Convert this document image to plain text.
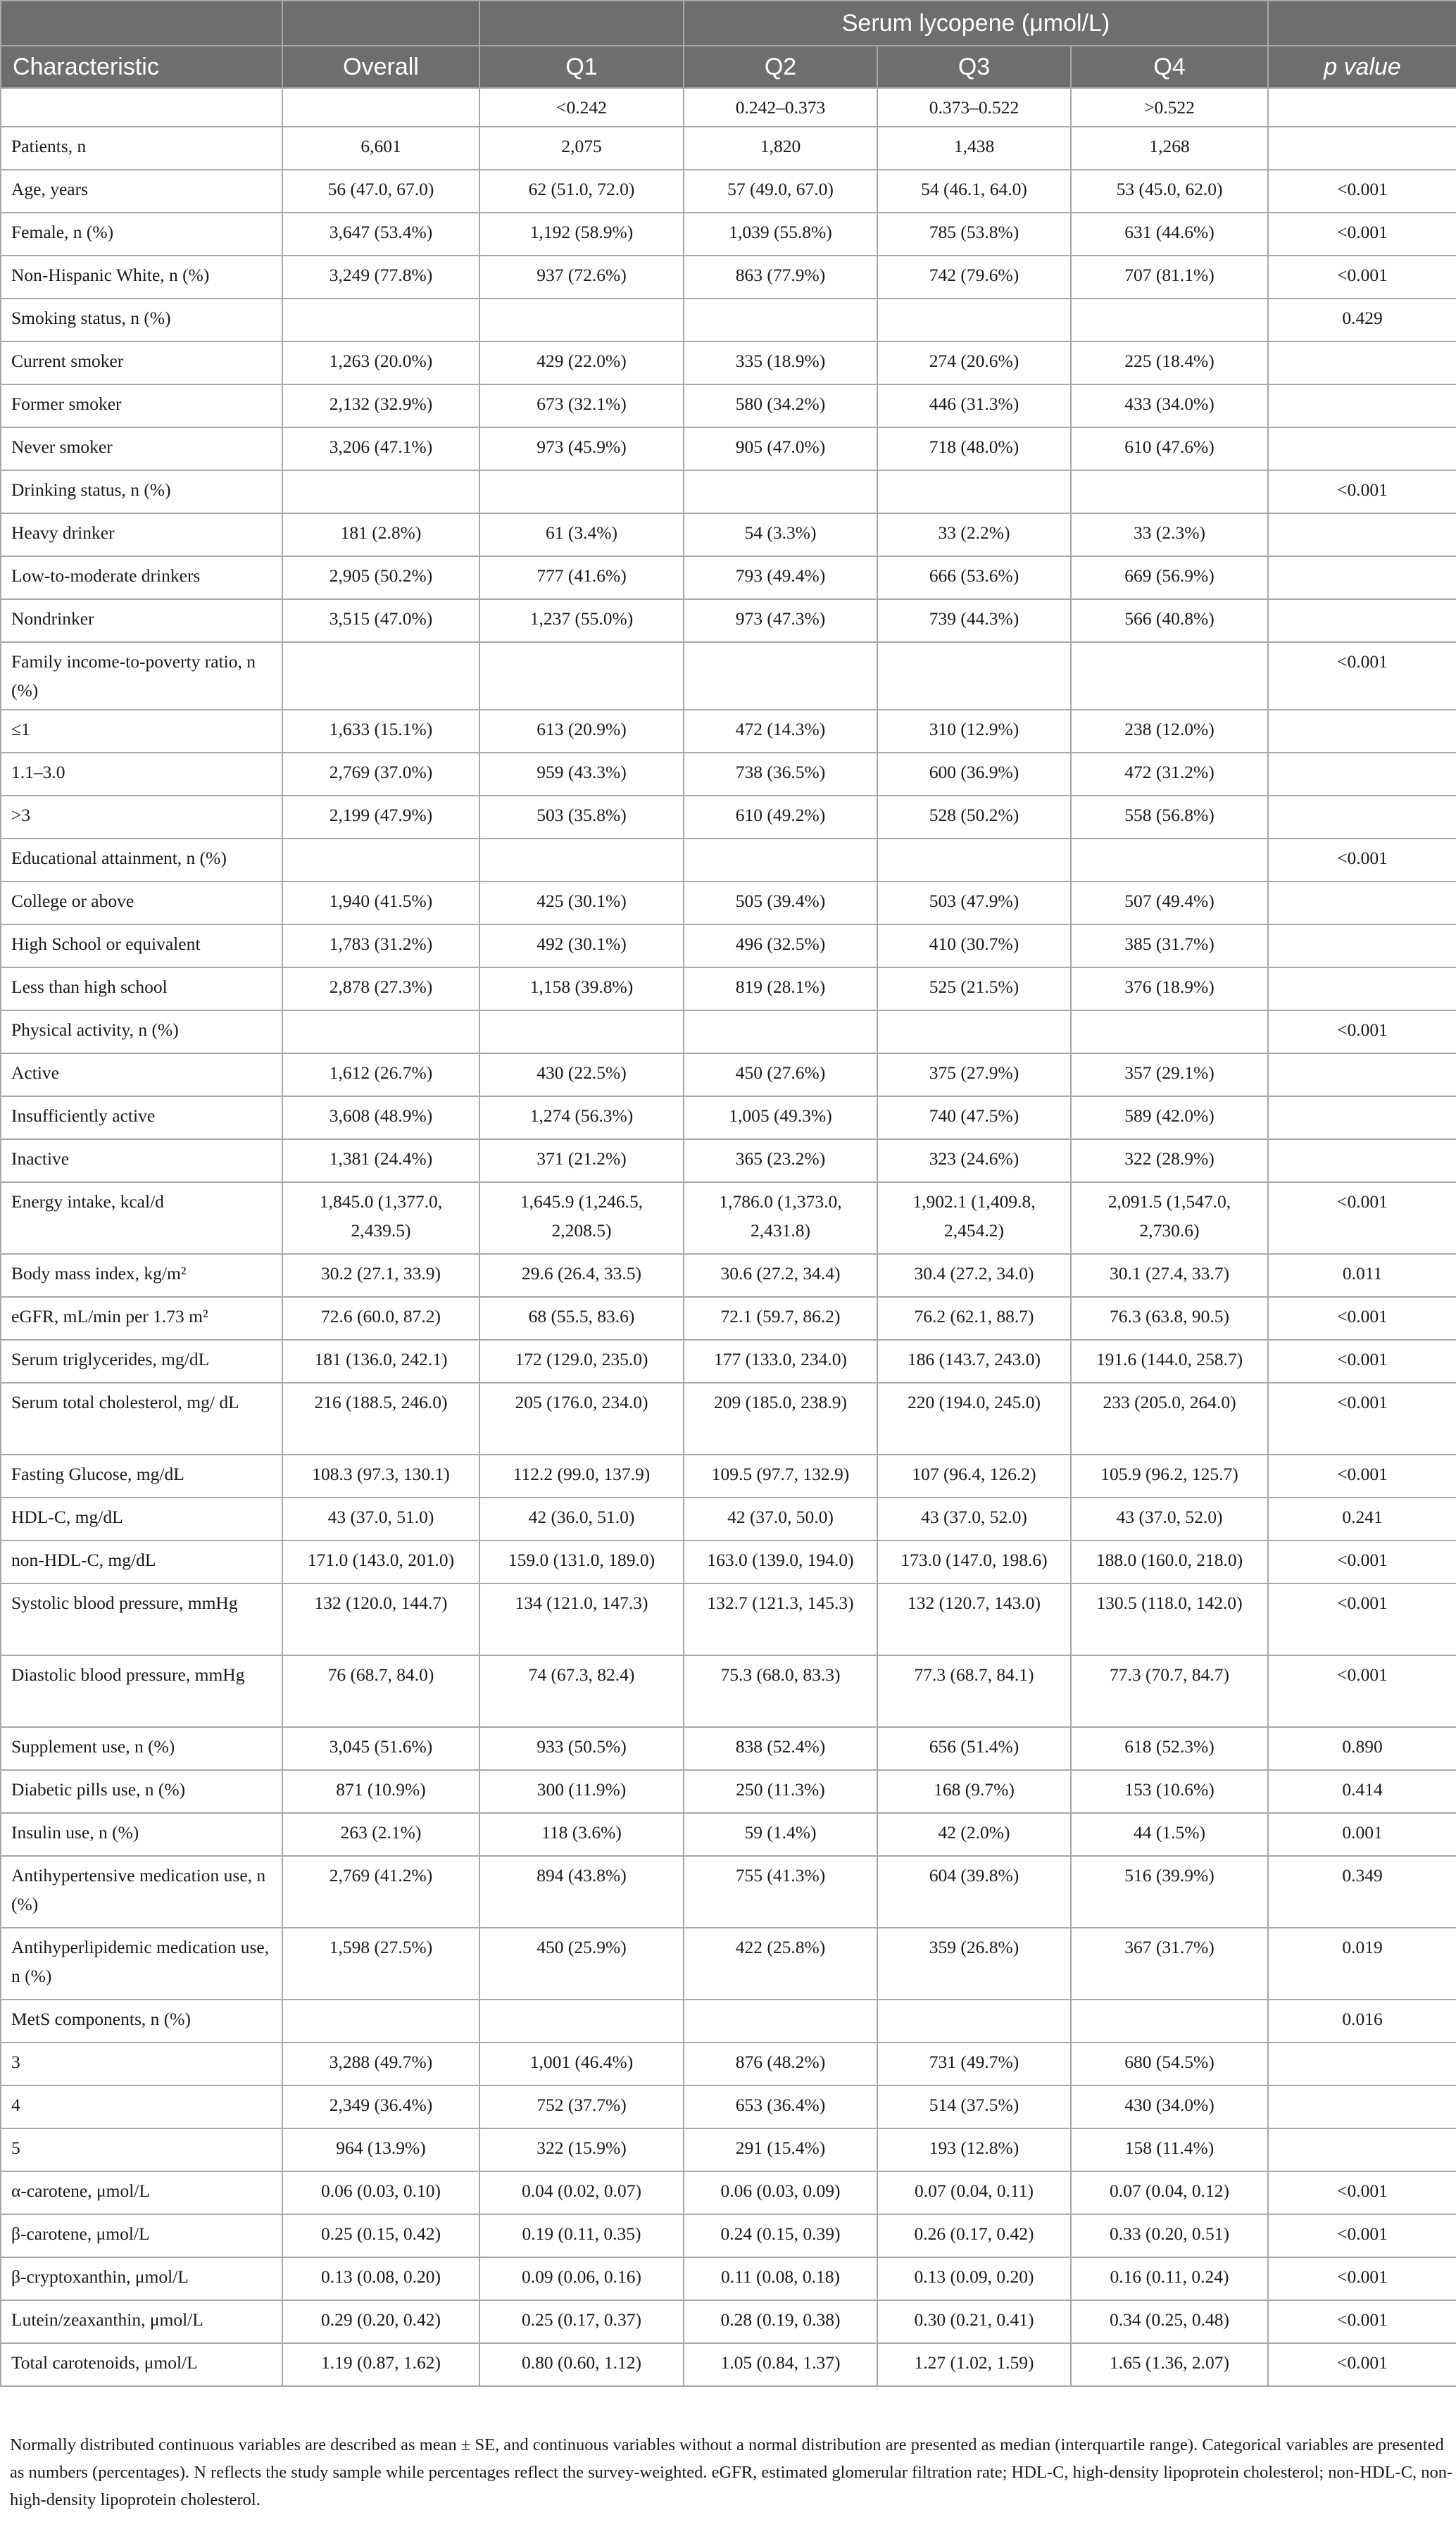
			Serum lycopene (μmol/L)			
Characteristic	Overall	Q1	Q2	Q3	Q4	p value
		<0.242	0.242–0.373	0.373–0.522	>0.522	
Patients, n	6,601	2,075	1,820	1,438	1,268	
Age, years	56 (47.0, 67.0)	62 (51.0, 72.0)	57 (49.0, 67.0)	54 (46.1, 64.0)	53 (45.0, 62.0)	<0.001
Female, n (%)	3,647 (53.4%)	1,192 (58.9%)	1,039 (55.8%)	785 (53.8%)	631 (44.6%)	<0.001
Non-Hispanic White, n (%)	3,249 (77.8%)	937 (72.6%)	863 (77.9%)	742 (79.6%)	707 (81.1%)	<0.001
Smoking status, n (%)						0.429
Current smoker	1,263 (20.0%)	429 (22.0%)	335 (18.9%)	274 (20.6%)	225 (18.4%)	
Former smoker	2,132 (32.9%)	673 (32.1%)	580 (34.2%)	446 (31.3%)	433 (34.0%)	
Never smoker	3,206 (47.1%)	973 (45.9%)	905 (47.0%)	718 (48.0%)	610 (47.6%)	
Drinking status, n (%)						<0.001
Heavy drinker	181 (2.8%)	61 (3.4%)	54 (3.3%)	33 (2.2%)	33 (2.3%)	
Low-to-moderate drinkers	2,905 (50.2%)	777 (41.6%)	793 (49.4%)	666 (53.6%)	669 (56.9%)	
Nondrinker	3,515 (47.0%)	1,237 (55.0%)	973 (47.3%)	739 (44.3%)	566 (40.8%)	
Family income-to-poverty ratio, n (%)						<0.001
≤1	1,633 (15.1%)	613 (20.9%)	472 (14.3%)	310 (12.9%)	238 (12.0%)	
1.1–3.0	2,769 (37.0%)	959 (43.3%)	738 (36.5%)	600 (36.9%)	472 (31.2%)	
>3	2,199 (47.9%)	503 (35.8%)	610 (49.2%)	528 (50.2%)	558 (56.8%)	
Educational attainment, n (%)						<0.001
College or above	1,940 (41.5%)	425 (30.1%)	505 (39.4%)	503 (47.9%)	507 (49.4%)	
High School or equivalent	1,783 (31.2%)	492 (30.1%)	496 (32.5%)	410 (30.7%)	385 (31.7%)	
Less than high school	2,878 (27.3%)	1,158 (39.8%)	819 (28.1%)	525 (21.5%)	376 (18.9%)	
Physical activity, n (%)						<0.001
Active	1,612 (26.7%)	430 (22.5%)	450 (27.6%)	375 (27.9%)	357 (29.1%)	
Insufficiently active	3,608 (48.9%)	1,274 (56.3%)	1,005 (49.3%)	740 (47.5%)	589 (42.0%)	
Inactive	1,381 (24.4%)	371 (21.2%)	365 (23.2%)	323 (24.6%)	322 (28.9%)	
Energy intake, kcal/d	1,845.0 (1,377.0, 2,439.5)	1,645.9 (1,246.5, 2,208.5)	1,786.0 (1,373.0, 2,431.8)	1,902.1 (1,409.8, 2,454.2)	2,091.5 (1,547.0, 2,730.6)	<0.001
Body mass index, kg/m²	30.2 (27.1, 33.9)	29.6 (26.4, 33.5)	30.6 (27.2, 34.4)	30.4 (27.2, 34.0)	30.1 (27.4, 33.7)	0.011
eGFR, mL/min per 1.73 m²	72.6 (60.0, 87.2)	68 (55.5, 83.6)	72.1 (59.7, 86.2)	76.2 (62.1, 88.7)	76.3 (63.8, 90.5)	<0.001
Serum triglycerides, mg/dL	181 (136.0, 242.1)	172 (129.0, 235.0)	177 (133.0, 234.0)	186 (143.7, 243.0)	191.6 (144.0, 258.7)	<0.001
Serum total cholesterol, mg/ dL	216 (188.5, 246.0)	205 (176.0, 234.0)	209 (185.0, 238.9)	220 (194.0, 245.0)	233 (205.0, 264.0)	<0.001
Fasting Glucose, mg/dL	108.3 (97.3, 130.1)	112.2 (99.0, 137.9)	109.5 (97.7, 132.9)	107 (96.4, 126.2)	105.9 (96.2, 125.7)	<0.001
HDL-C, mg/dL	43 (37.0, 51.0)	42 (36.0, 51.0)	42 (37.0, 50.0)	43 (37.0, 52.0)	43 (37.0, 52.0)	0.241
non-HDL-C, mg/dL	171.0 (143.0, 201.0)	159.0 (131.0, 189.0)	163.0 (139.0, 194.0)	173.0 (147.0, 198.6)	188.0 (160.0, 218.0)	<0.001
Systolic blood pressure, mmHg	132 (120.0, 144.7)	134 (121.0, 147.3)	132.7 (121.3, 145.3)	132 (120.7, 143.0)	130.5 (118.0, 142.0)	<0.001
Diastolic blood pressure, mmHg	76 (68.7, 84.0)	74 (67.3, 82.4)	75.3 (68.0, 83.3)	77.3 (68.7, 84.1)	77.3 (70.7, 84.7)	<0.001
Supplement use, n (%)	3,045 (51.6%)	933 (50.5%)	838 (52.4%)	656 (51.4%)	618 (52.3%)	0.890
Diabetic pills use, n (%)	871 (10.9%)	300 (11.9%)	250 (11.3%)	168 (9.7%)	153 (10.6%)	0.414
Insulin use, n (%)	263 (2.1%)	118 (3.6%)	59 (1.4%)	42 (2.0%)	44 (1.5%)	0.001
Antihypertensive medication use, n (%)	2,769 (41.2%)	894 (43.8%)	755 (41.3%)	604 (39.8%)	516 (39.9%)	0.349
Antihyperlipidemic medication use, n (%)	1,598 (27.5%)	450 (25.9%)	422 (25.8%)	359 (26.8%)	367 (31.7%)	0.019
MetS components, n (%)						0.016
3	3,288 (49.7%)	1,001 (46.4%)	876 (48.2%)	731 (49.7%)	680 (54.5%)	
4	2,349 (36.4%)	752 (37.7%)	653 (36.4%)	514 (37.5%)	430 (34.0%)	
5	964 (13.9%)	322 (15.9%)	291 (15.4%)	193 (12.8%)	158 (11.4%)	
α-carotene, μmol/L	0.06 (0.03, 0.10)	0.04 (0.02, 0.07)	0.06 (0.03, 0.09)	0.07 (0.04, 0.11)	0.07 (0.04, 0.12)	<0.001
β-carotene, μmol/L	0.25 (0.15, 0.42)	0.19 (0.11, 0.35)	0.24 (0.15, 0.39)	0.26 (0.17, 0.42)	0.33 (0.20, 0.51)	<0.001
β-cryptoxanthin, μmol/L	0.13 (0.08, 0.20)	0.09 (0.06, 0.16)	0.11 (0.08, 0.18)	0.13 (0.09, 0.20)	0.16 (0.11, 0.24)	<0.001
Lutein/zeaxanthin, μmol/L	0.29 (0.20, 0.42)	0.25 (0.17, 0.37)	0.28 (0.19, 0.38)	0.30 (0.21, 0.41)	0.34 (0.25, 0.48)	<0.001
Total carotenoids, μmol/L	1.19 (0.87, 1.62)	0.80 (0.60, 1.12)	1.05 (0.84, 1.37)	1.27 (1.02, 1.59)	1.65 (1.36, 2.07)	<0.001
Normally distributed continuous variables are described as mean ± SE, and continuous variables without a normal distribution are presented as median (interquartile range). Categorical variables are presented as numbers (percentages). N reflects the study sample while percentages reflect the survey-weighted. eGFR, estimated glomerular filtration rate; HDL-C, high-density lipoprotein cholesterol; non-HDL-C, non-high-density lipoprotein cholesterol.
